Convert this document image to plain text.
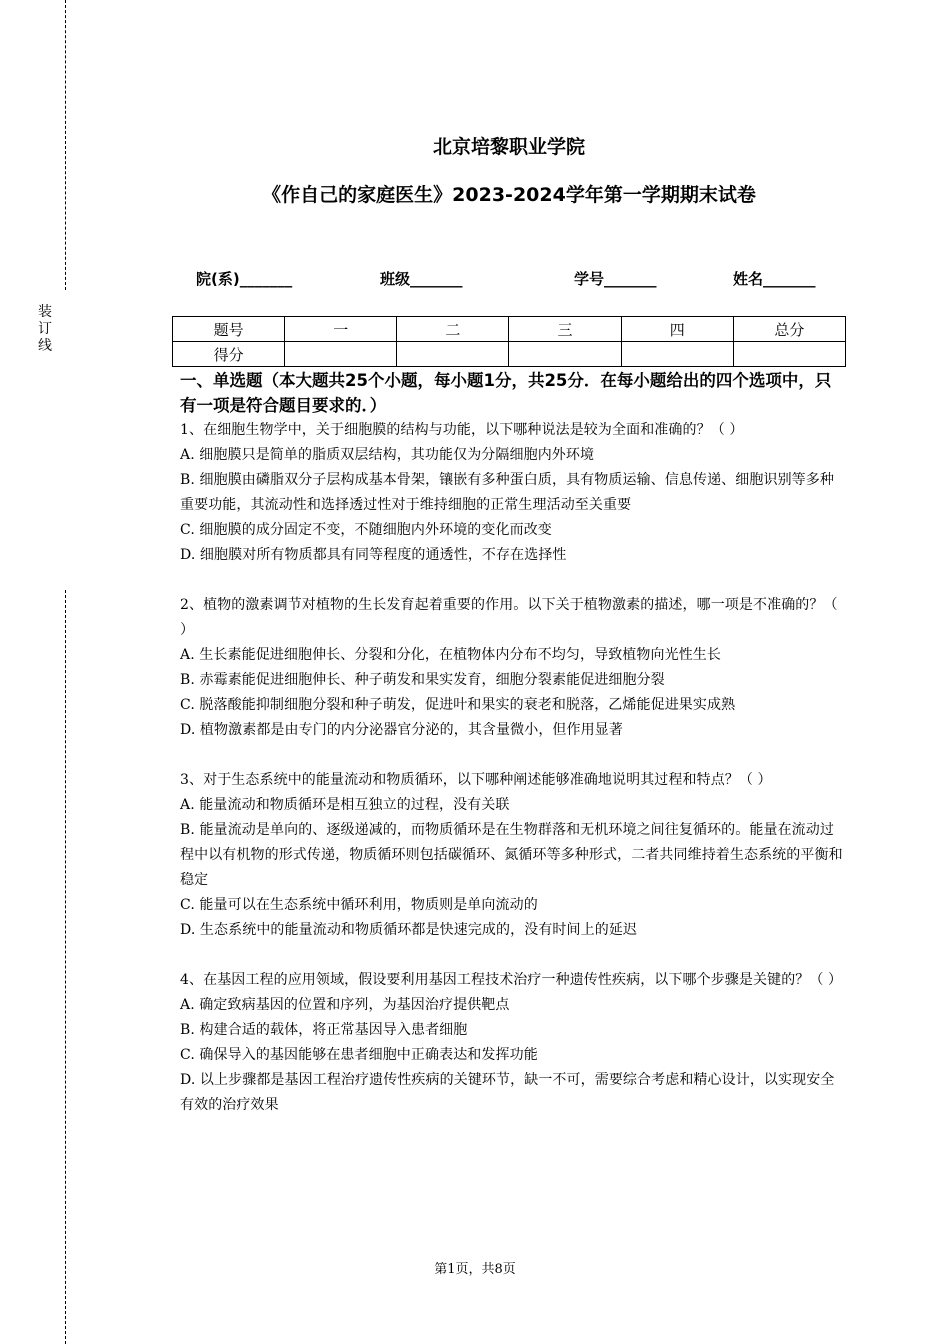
装订线
北京培黎职业学院
《作自己的家庭医生》2023-2024学年第一学期期末试卷
院(系)_______	班级_______	学号_______	姓名_______
题号	一	二	三	四	总分
得分					
一、单选题（本大题共25个小题，每小题1分，共25分．在每小题给出的四个选项中，只有一项是符合题目要求的．）

1、在细胞生物学中，关于细胞膜的结构与功能，以下哪种说法是较为全面和准确的？（ ）

A. 细胞膜只是简单的脂质双层结构，其功能仅为分隔细胞内外环境

B. 细胞膜由磷脂双分子层构成基本骨架，镶嵌有多种蛋白质，具有物质运输、信息传递、细胞识别等多种重要功能，其流动性和选择透过性对于维持细胞的正常生理活动至关重要

C. 细胞膜的成分固定不变，不随细胞内外环境的变化而改变

D. 细胞膜对所有物质都具有同等程度的通透性，不存在选择性

2、植物的激素调节对植物的生长发育起着重要的作用。以下关于植物激素的描述，哪一项是不准确的？（ ）

A. 生长素能促进细胞伸长、分裂和分化，在植物体内分布不均匀，导致植物向光性生长

B. 赤霉素能促进细胞伸长、种子萌发和果实发育，细胞分裂素能促进细胞分裂

C. 脱落酸能抑制细胞分裂和种子萌发，促进叶和果实的衰老和脱落，乙烯能促进果实成熟

D. 植物激素都是由专门的内分泌器官分泌的，其含量微小，但作用显著

3、对于生态系统中的能量流动和物质循环，以下哪种阐述能够准确地说明其过程和特点？（ ）

A. 能量流动和物质循环是相互独立的过程，没有关联

B. 能量流动是单向的、逐级递减的，而物质循环是在生物群落和无机环境之间往复循环的。能量在流动过程中以有机物的形式传递，物质循环则包括碳循环、氮循环等多种形式，二者共同维持着生态系统的平衡和稳定

C. 能量可以在生态系统中循环利用，物质则是单向流动的

D. 生态系统中的能量流动和物质循环都是快速完成的，没有时间上的延迟

4、在基因工程的应用领域，假设要利用基因工程技术治疗一种遗传性疾病，以下哪个步骤是关键的？（ ）

A. 确定致病基因的位置和序列，为基因治疗提供靶点

B. 构建合适的载体，将正常基因导入患者细胞

C. 确保导入的基因能够在患者细胞中正确表达和发挥功能

D. 以上步骤都是基因工程治疗遗传性疾病的关键环节，缺一不可，需要综合考虑和精心设计，以实现安全有效的治疗效果

第1页，共8页
